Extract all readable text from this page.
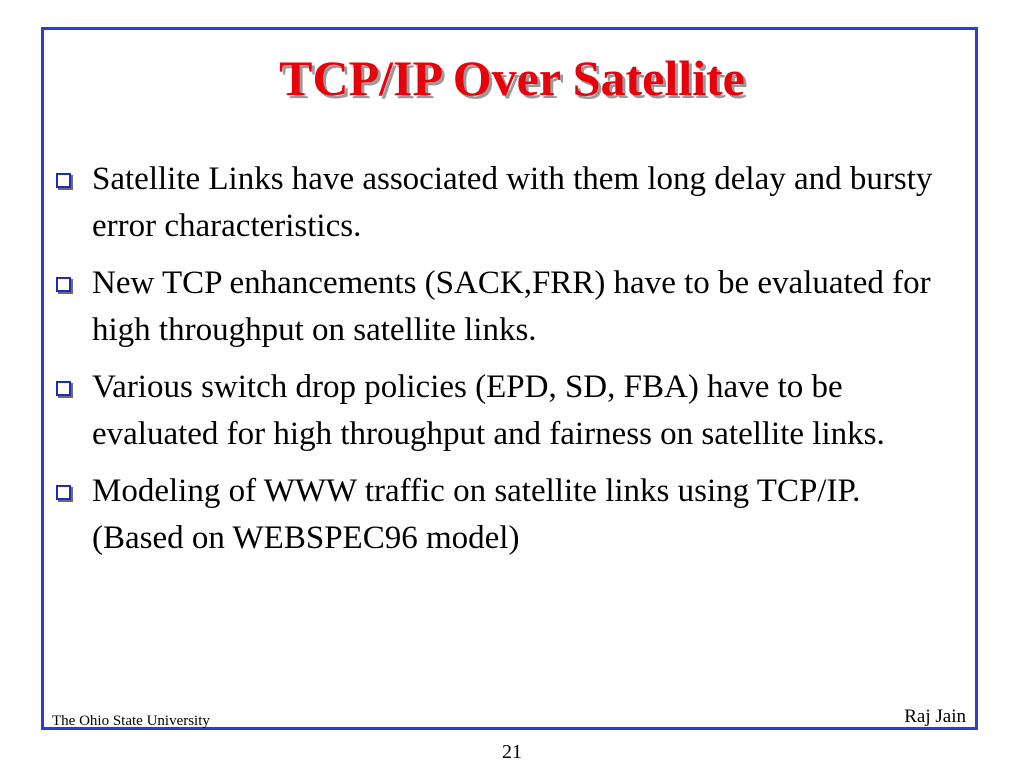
TCP/IP Over Satellite
Satellite Links have associated with them long delay and bursty error characteristics.
New TCP enhancements (SACK,FRR) have to be evaluated for high throughput on satellite links.
Various switch drop policies (EPD, SD, FBA) have to be evaluated for high throughput and fairness on satellite links.
Modeling of WWW traffic on satellite links using TCP/IP. (Based on WEBSPEC96 model)
The Ohio State University	Raj Jain
21
